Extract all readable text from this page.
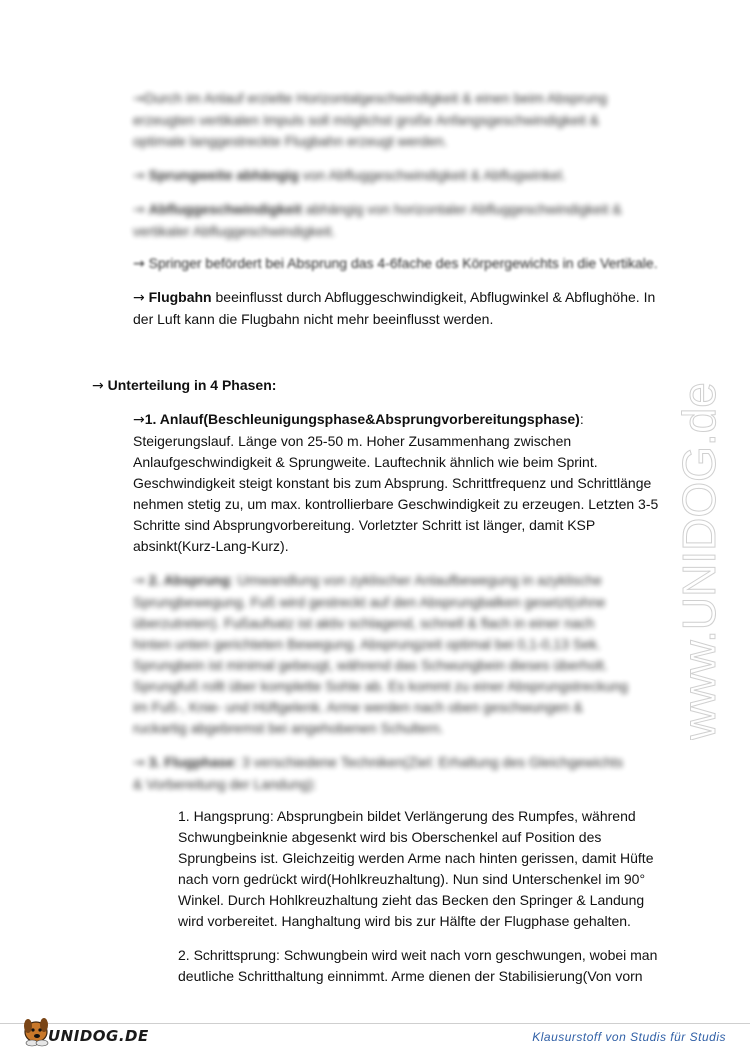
→Durch im Anlauf erzielte Horizontalgeschwindigkeit & einen beim Absprung erzeugten vertikalen Impuls soll möglichst große Anfangsgeschwindigkeit & optimale langgestreckte Flugbahn erzeugt werden.

→ Sprungweite abhängig von Abfluggeschwindigkeit & Abflugwinkel.

→ Abfluggeschwindigkeit abhängig von horizontaler Abfluggeschwindigkeit & vertikaler Abfluggeschwindigkeit.

→ Springer befördert bei Absprung das 4-6fache des Körpergewichts in die Vertikale.

→ Flugbahn beeinflusst durch Abfluggeschwindigkeit, Abflugwinkel & Abflughöhe. In der Luft kann die Flugbahn nicht mehr beeinflusst werden.

→ Unterteilung in 4 Phasen:

→1. Anlauf(Beschleunigungsphase&Absprungvorbereitungsphase): Steigerungslauf. Länge von 25-50 m. Hoher Zusammenhang zwischen Anlaufgeschwindigkeit & Sprungweite. Lauftechnik ähnlich wie beim Sprint. Geschwindigkeit steigt konstant bis zum Absprung. Schrittfrequenz und Schrittlänge nehmen stetig zu, um max. kontrollierbare Geschwindigkeit zu erzeugen. Letzten 3-5 Schritte sind Absprungvorbereitung. Vorletzter Schritt ist länger, damit KSP absinkt(Kurz-Lang-Kurz).

→ 2. Absprung: Umwandlung von zyklischer Anlaufbewegung in azyklische Sprungbewegung. Fuß wird gestreckt auf den Absprungbalken gesetzt(ohne überzutreten). Fußaufsatz ist aktiv schlagend, schnell & flach in einer nach hinten unten gerichteten Bewegung. Absprungzeit optimal bei 0,1-0,13 Sek. Sprungbein ist minimal gebeugt, während das Schwungbein dieses überholt. Sprungfuß rollt über komplette Sohle ab. Es kommt zu einer Absprungstreckung im Fuß-, Knie- und Hüftgelenk. Arme werden nach oben geschwungen & ruckartig abgebremst bei angehobenen Schultern.

→ 3. Flugphase: 3 verschiedene Techniken(Ziel: Erhaltung des Gleichgewichts & Vorbereitung der Landung):

1. Hangsprung: Absprungbein bildet Verlängerung des Rumpfes, während Schwungbeinknie abgesenkt wird bis Oberschenkel auf Position des Sprungbeins ist. Gleichzeitig werden Arme nach hinten gerissen, damit Hüfte nach vorn gedrückt wird(Hohlkreuzhaltung). Nun sind Unterschenkel im 90° Winkel. Durch Hohlkreuzhaltung zieht das Becken den Springer & Landung wird vorbereitet. Hanghaltung wird bis zur Hälfte der Flugphase gehalten.

2. Schrittsprung: Schwungbein wird weit nach vorn geschwungen, wobei man deutliche Schritthaltung einnimmt. Arme dienen der Stabilisierung(Von vorn

www.UNIDOG.de
UNIDOG.DE	Klausurstoff von Studis für Studis
